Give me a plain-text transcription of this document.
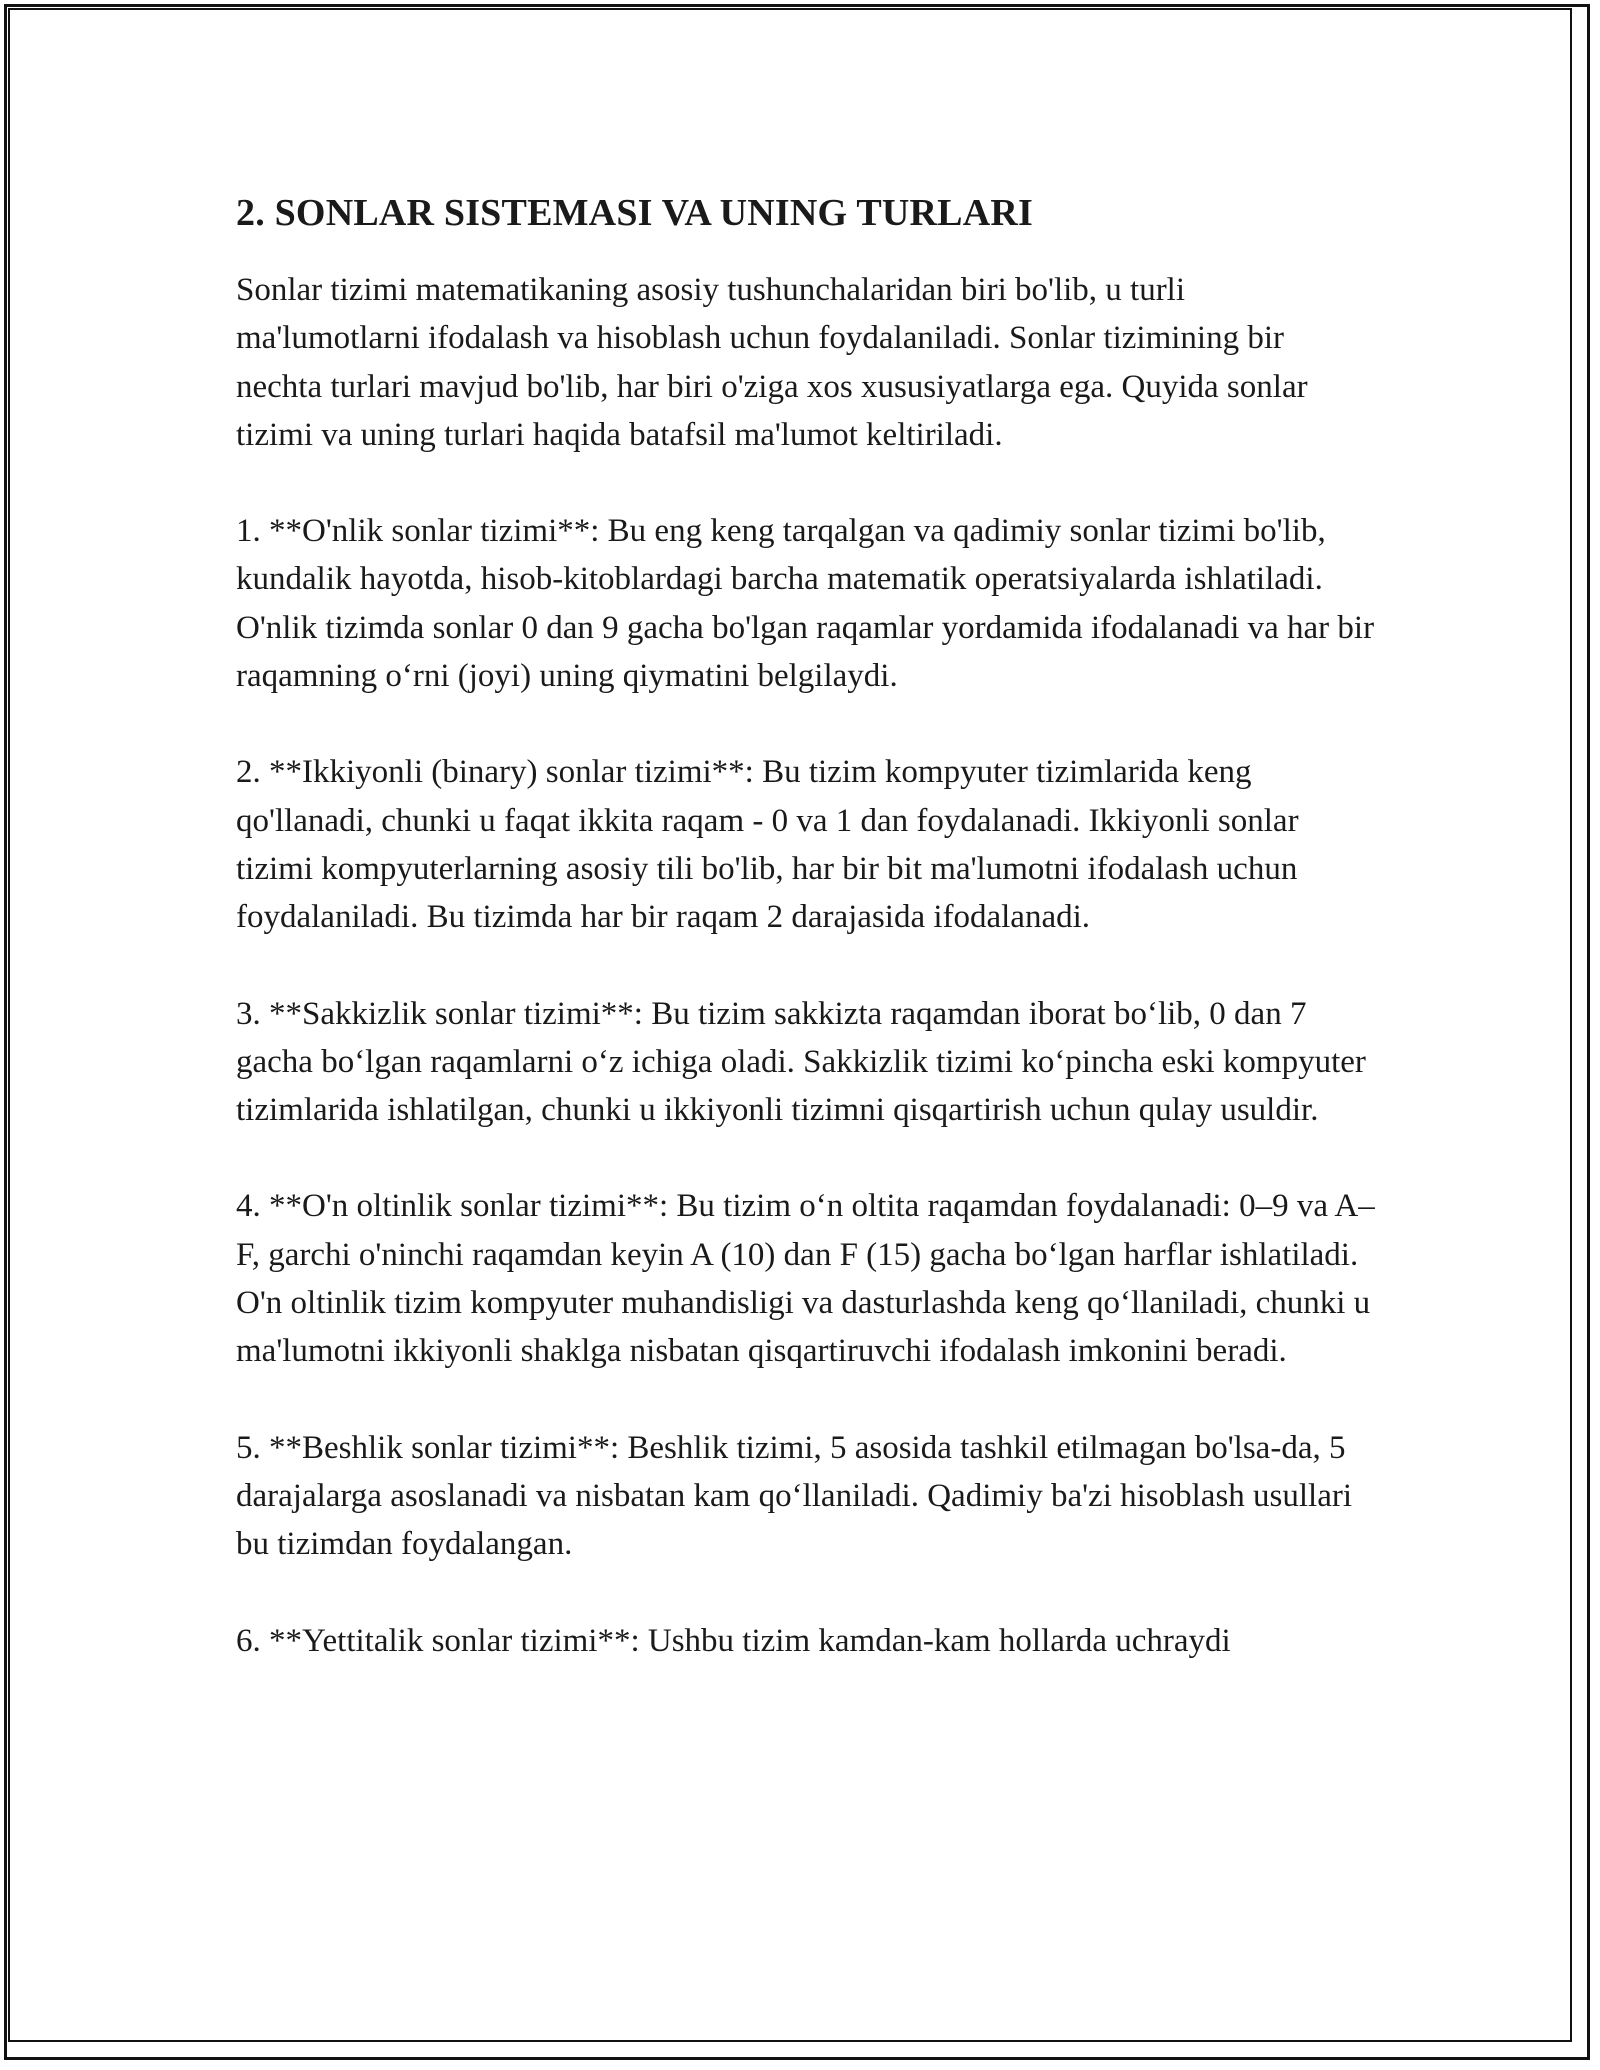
2. SONLAR SISTEMASI VA UNING TURLARI

Sonlar tizimi matematikaning asosiy tushunchalaridan biri bo'lib, u turli ma'lumotlarni ifodalash va hisoblash uchun foydalaniladi. Sonlar tizimining bir nechta turlari mavjud bo'lib, har biri o'ziga xos xususiyatlarga ega. Quyida sonlar tizimi va uning turlari haqida batafsil ma'lumot keltiriladi.

1. **O'nlik sonlar tizimi**: Bu eng keng tarqalgan va qadimiy sonlar tizimi bo'lib, kundalik hayotda, hisob-kitoblardagi barcha matematik operatsiyalarda ishlatiladi. O'nlik tizimda sonlar 0 dan 9 gacha bo'lgan raqamlar yordamida ifodalanadi va har bir raqamning o‘rni (joyi) uning qiymatini belgilaydi.

2. **Ikkiyonli (binary) sonlar tizimi**: Bu tizim kompyuter tizimlarida keng qo'llanadi, chunki u faqat ikkita raqam - 0 va 1 dan foydalanadi. Ikkiyonli sonlar tizimi kompyuterlarning asosiy tili bo'lib, har bir bit ma'lumotni ifodalash uchun foydalaniladi. Bu tizimda har bir raqam 2 darajasida ifodalanadi.

3. **Sakkizlik sonlar tizimi**: Bu tizim sakkizta raqamdan iborat bo‘lib, 0 dan 7 gacha bo‘lgan raqamlarni o‘z ichiga oladi. Sakkizlik tizimi ko‘pincha eski kompyuter tizimlarida ishlatilgan, chunki u ikkiyonli tizimni qisqartirish uchun qulay usuldir.

4. **O'n oltinlik sonlar tizimi**: Bu tizim o‘n oltita raqamdan foydalanadi: 0–9 va A–F, garchi o'ninchi raqamdan keyin A (10) dan F (15) gacha bo‘lgan harflar ishlatiladi. O'n oltinlik tizim kompyuter muhandisligi va dasturlashda keng qo‘llaniladi, chunki u ma'lumotni ikkiyonli shaklga nisbatan qisqartiruvchi ifodalash imkonini beradi.

5. **Beshlik sonlar tizimi**: Beshlik tizimi, 5 asosida tashkil etilmagan bo'lsa-da, 5 darajalarga asoslanadi va nisbatan kam qo‘llaniladi. Qadimiy ba'zi hisoblash usullari bu tizimdan foydalangan.

6. **Yettitalik sonlar tizimi**: Ushbu tizim kamdan-kam hollarda uchraydi
